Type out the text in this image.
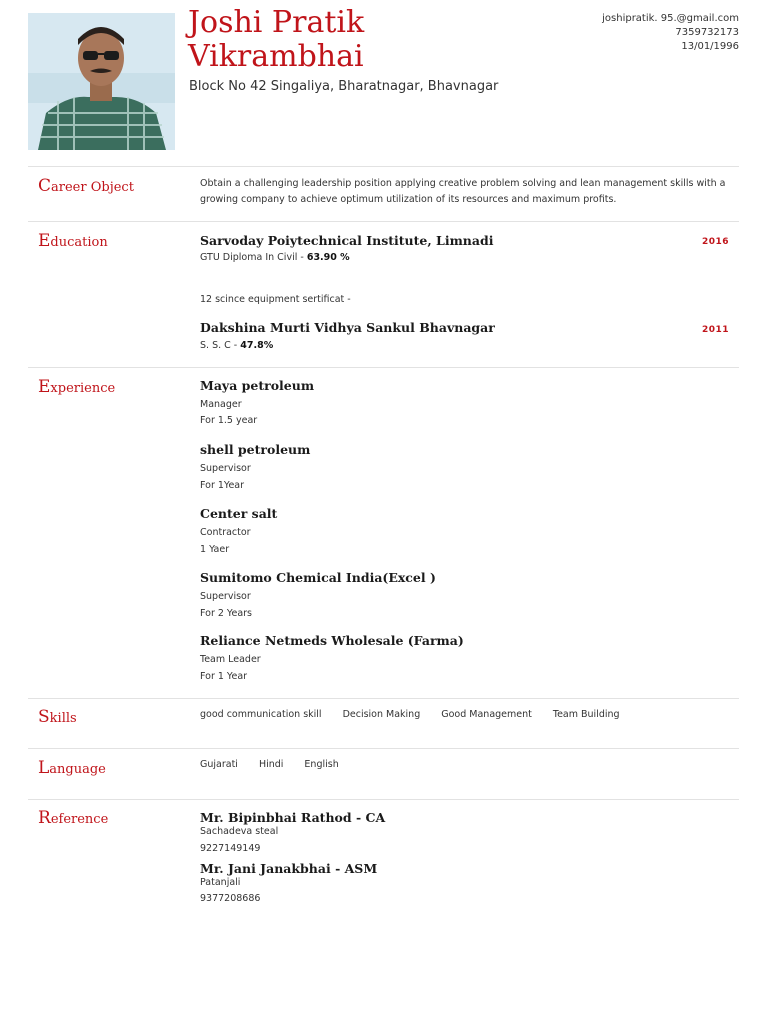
Joshi Pratik Vikrambhai
Block No 42 Singaliya, Bharatnagar, Bhavnagar
joshipratik. 95.@gmail.com
7359732173
13/01/1996
Career Object	Obtain a challenging leadership position applying creative problem solving and lean management skills with a growing company to achieve optimum utilization of its resources and maximum profits.
Education	Sarvoday Poiytechnical Institute, Limnadi	2016
GTU Diploma In Civil - 63.90 %
12 scince equipment sertificat -
Dakshina Murti Vidhya Sankul Bhavnagar	2011
S. S. C - 47.8%
Experience	Maya petroleum
Manager
For 1.5 year
shell petroleum
Supervisor
For 1Year
Center salt
Contractor
1 Yaer
Sumitomo Chemical India(Excel )
Supervisor
For 2 Years
Reliance Netmeds Wholesale (Farma)
Team Leader
For 1 Year
Skills	good communication skill Decision Making Good Management Team Building
Language	Gujarati Hindi English
Reference	Mr. Bipinbhai Rathod - CA
Sachadeva steal
9227149149
Mr. Jani Janakbhai - ASM
Patanjali
9377208686
